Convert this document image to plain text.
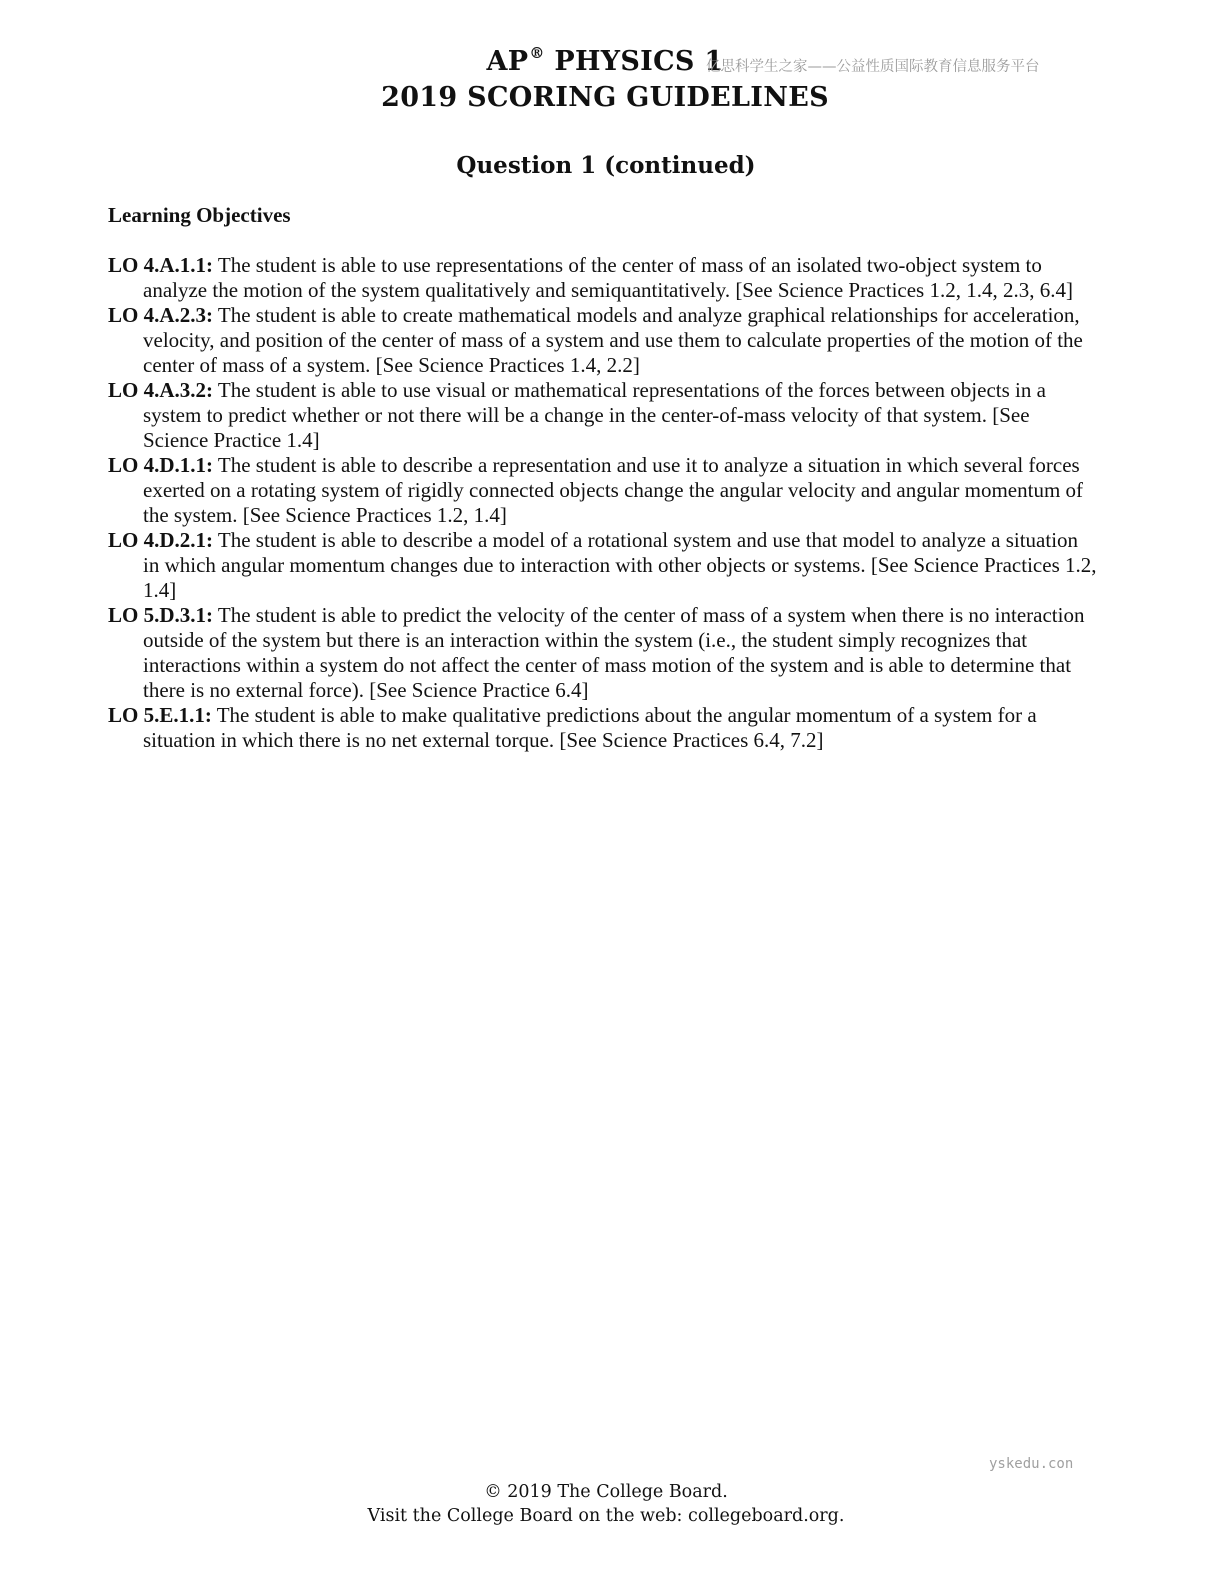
AP® PHYSICS 1
2019 SCORING GUIDELINES
亿思科学生之家——公益性质国际教育信息服务平台
Question 1 (continued)
Learning Objectives
LO 4.A.1.1: The student is able to use representations of the center of mass of an isolated two-object system to analyze the motion of the system qualitatively and semiquantitatively. [See Science Practices 1.2, 1.4, 2.3, 6.4]
LO 4.A.2.3: The student is able to create mathematical models and analyze graphical relationships for acceleration, velocity, and position of the center of mass of a system and use them to calculate properties of the motion of the center of mass of a system. [See Science Practices 1.4, 2.2]
LO 4.A.3.2: The student is able to use visual or mathematical representations of the forces between objects in a system to predict whether or not there will be a change in the center-of-mass velocity of that system. [See Science Practice 1.4]
LO 4.D.1.1: The student is able to describe a representation and use it to analyze a situation in which several forces exerted on a rotating system of rigidly connected objects change the angular velocity and angular momentum of the system. [See Science Practices 1.2, 1.4]
LO 4.D.2.1: The student is able to describe a model of a rotational system and use that model to analyze a situation in which angular momentum changes due to interaction with other objects or systems. [See Science Practices 1.2, 1.4]
LO 5.D.3.1: The student is able to predict the velocity of the center of mass of a system when there is no interaction outside of the system but there is an interaction within the system (i.e., the student simply recognizes that interactions within a system do not affect the center of mass motion of the system and is able to determine that there is no external force). [See Science Practice 6.4]
LO 5.E.1.1: The student is able to make qualitative predictions about the angular momentum of a system for a situation in which there is no net external torque. [See Science Practices 6.4, 7.2]
yskedu.con
© 2019 The College Board.
Visit the College Board on the web: collegeboard.org.
